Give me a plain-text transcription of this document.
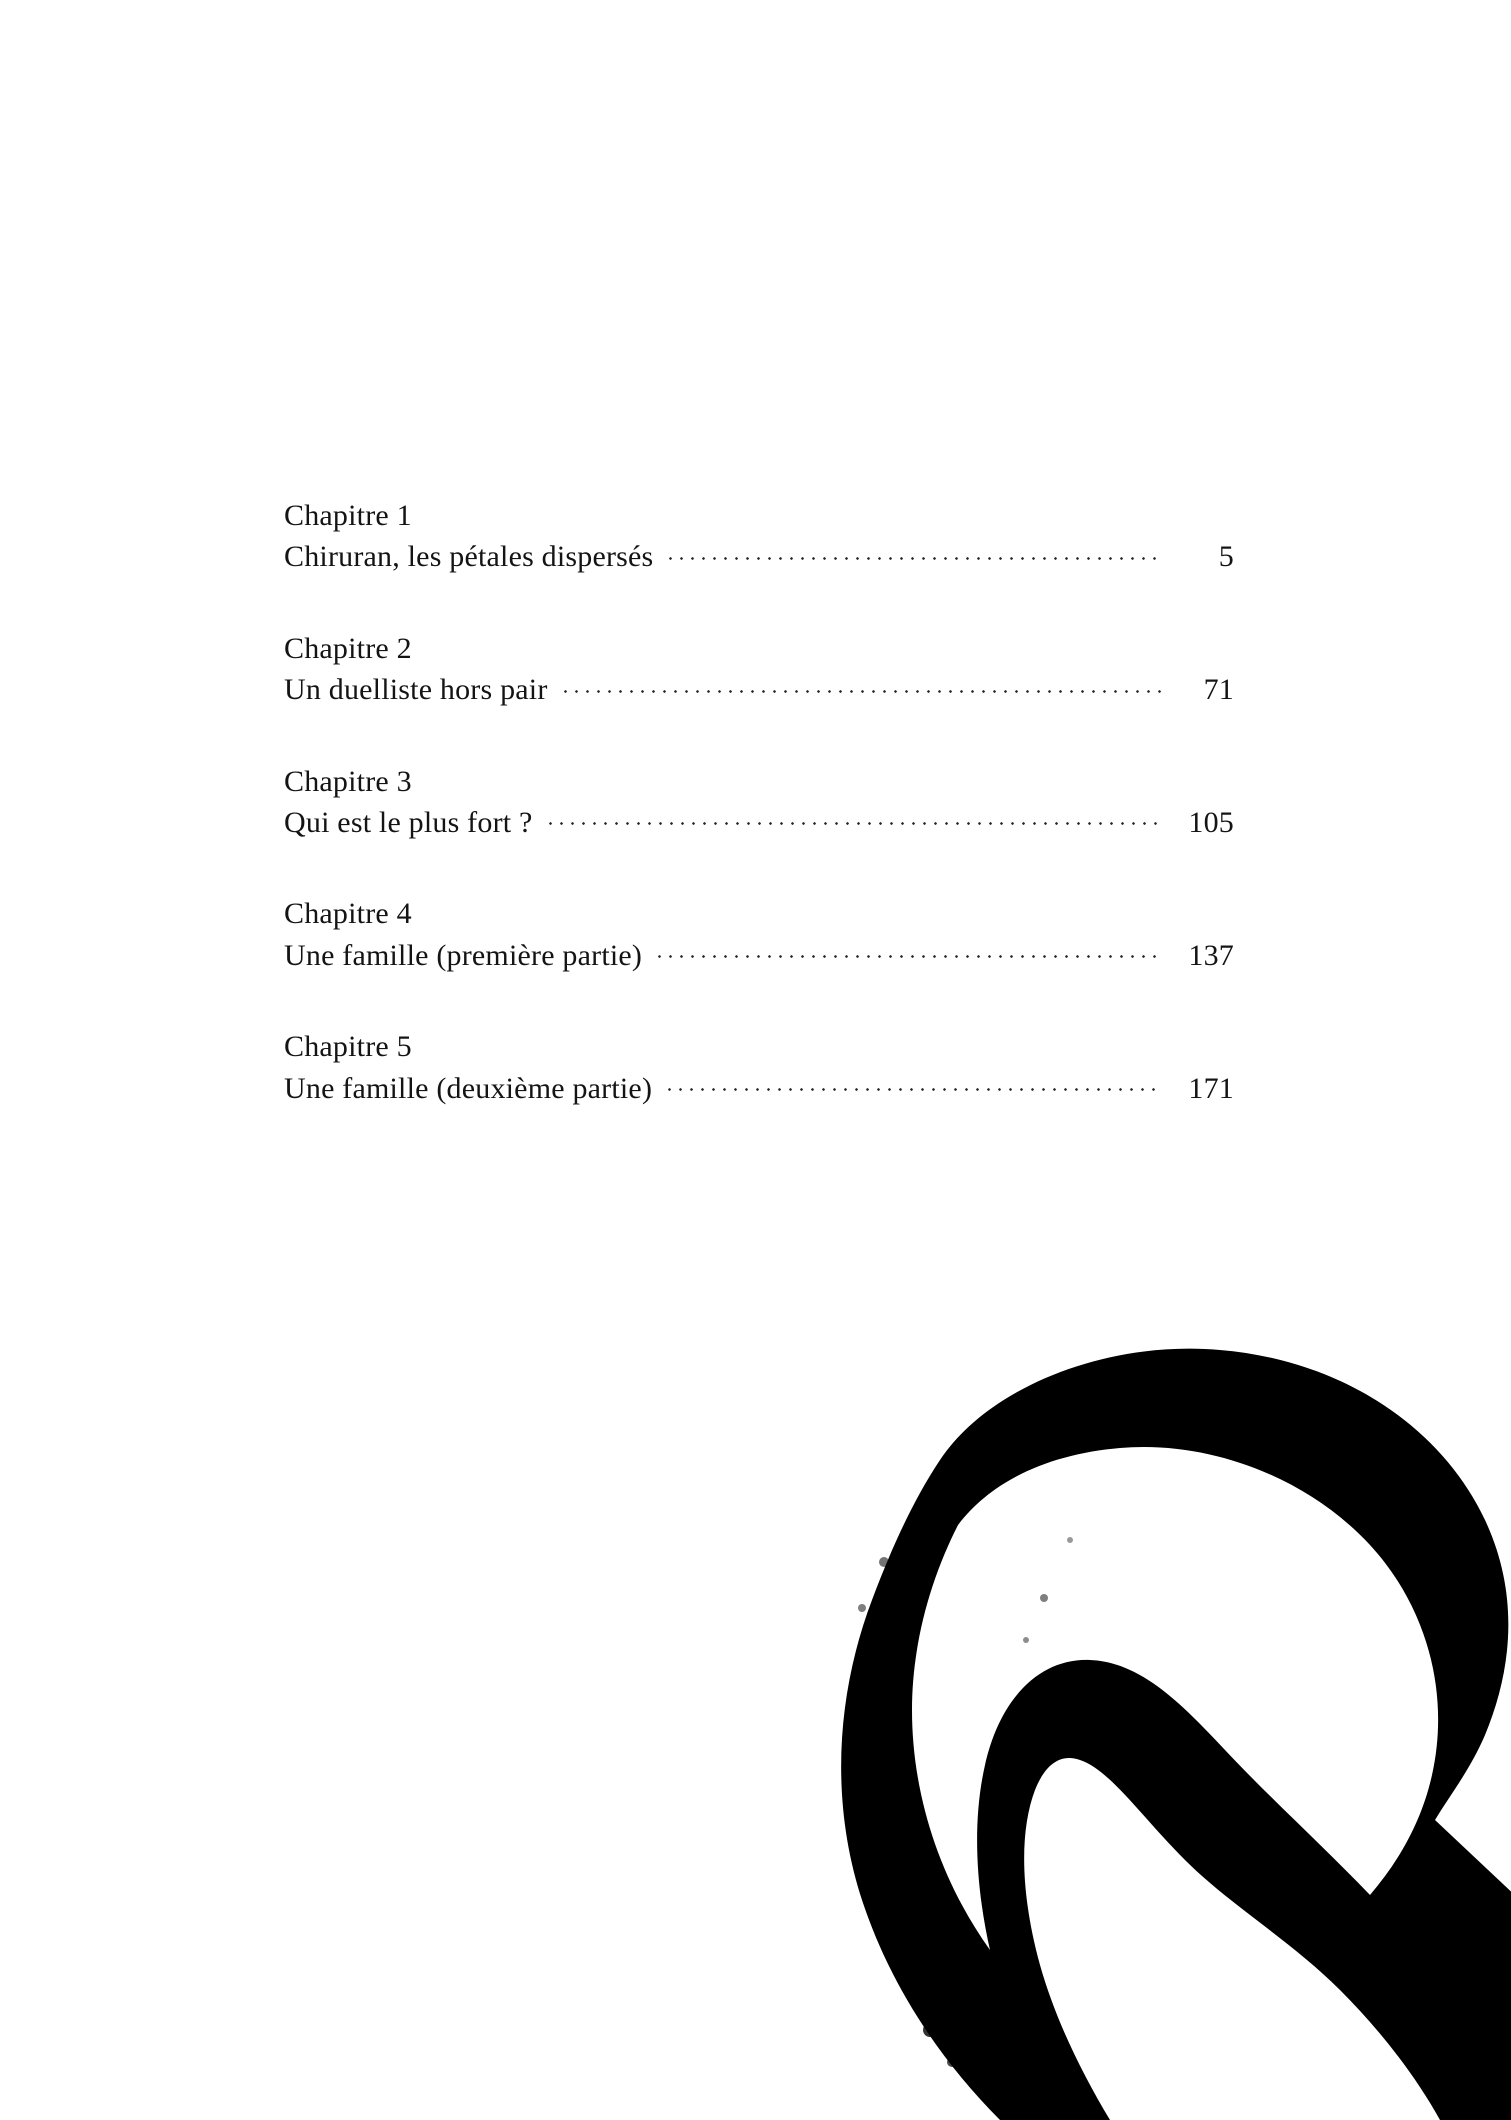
Chapitre 1
Chiruran, les pétales dispersés	5
Chapitre 2
Un duelliste hors pair	71
Chapitre 3
Qui est le plus fort ?	105
Chapitre 4
Une famille (première partie)	137
Chapitre 5
Une famille (deuxième partie)	171
